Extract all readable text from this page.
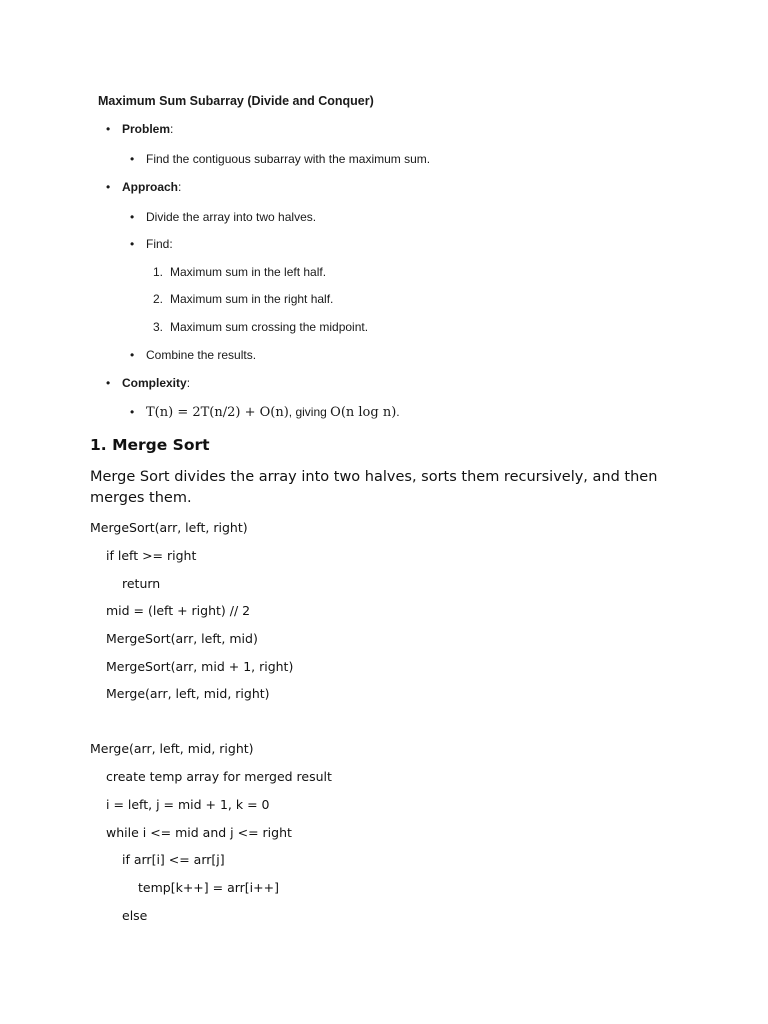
Maximum Sum Subarray (Divide and Conquer)
• Problem:
• Find the contiguous subarray with the maximum sum.
• Approach:
• Divide the array into two halves.
• Find:
1. Maximum sum in the left half.
2. Maximum sum in the right half.
3. Maximum sum crossing the midpoint.
• Combine the results.
• Complexity:
• T(n) = 2T(n/2) + O(n), giving O(n log n).
1. Merge Sort

Merge Sort divides the array into two halves, sorts them recursively, and then merges them.

MergeSort(arr, left, right)

if left >= right

return

mid = (left + right) // 2

MergeSort(arr, left, mid)

MergeSort(arr, mid + 1, right)

Merge(arr, left, mid, right)

Merge(arr, left, mid, right)

create temp array for merged result

i = left, j = mid + 1, k = 0

while i <= mid and j <= right

if arr[i] <= arr[j]

temp[k++] = arr[i++]

else
